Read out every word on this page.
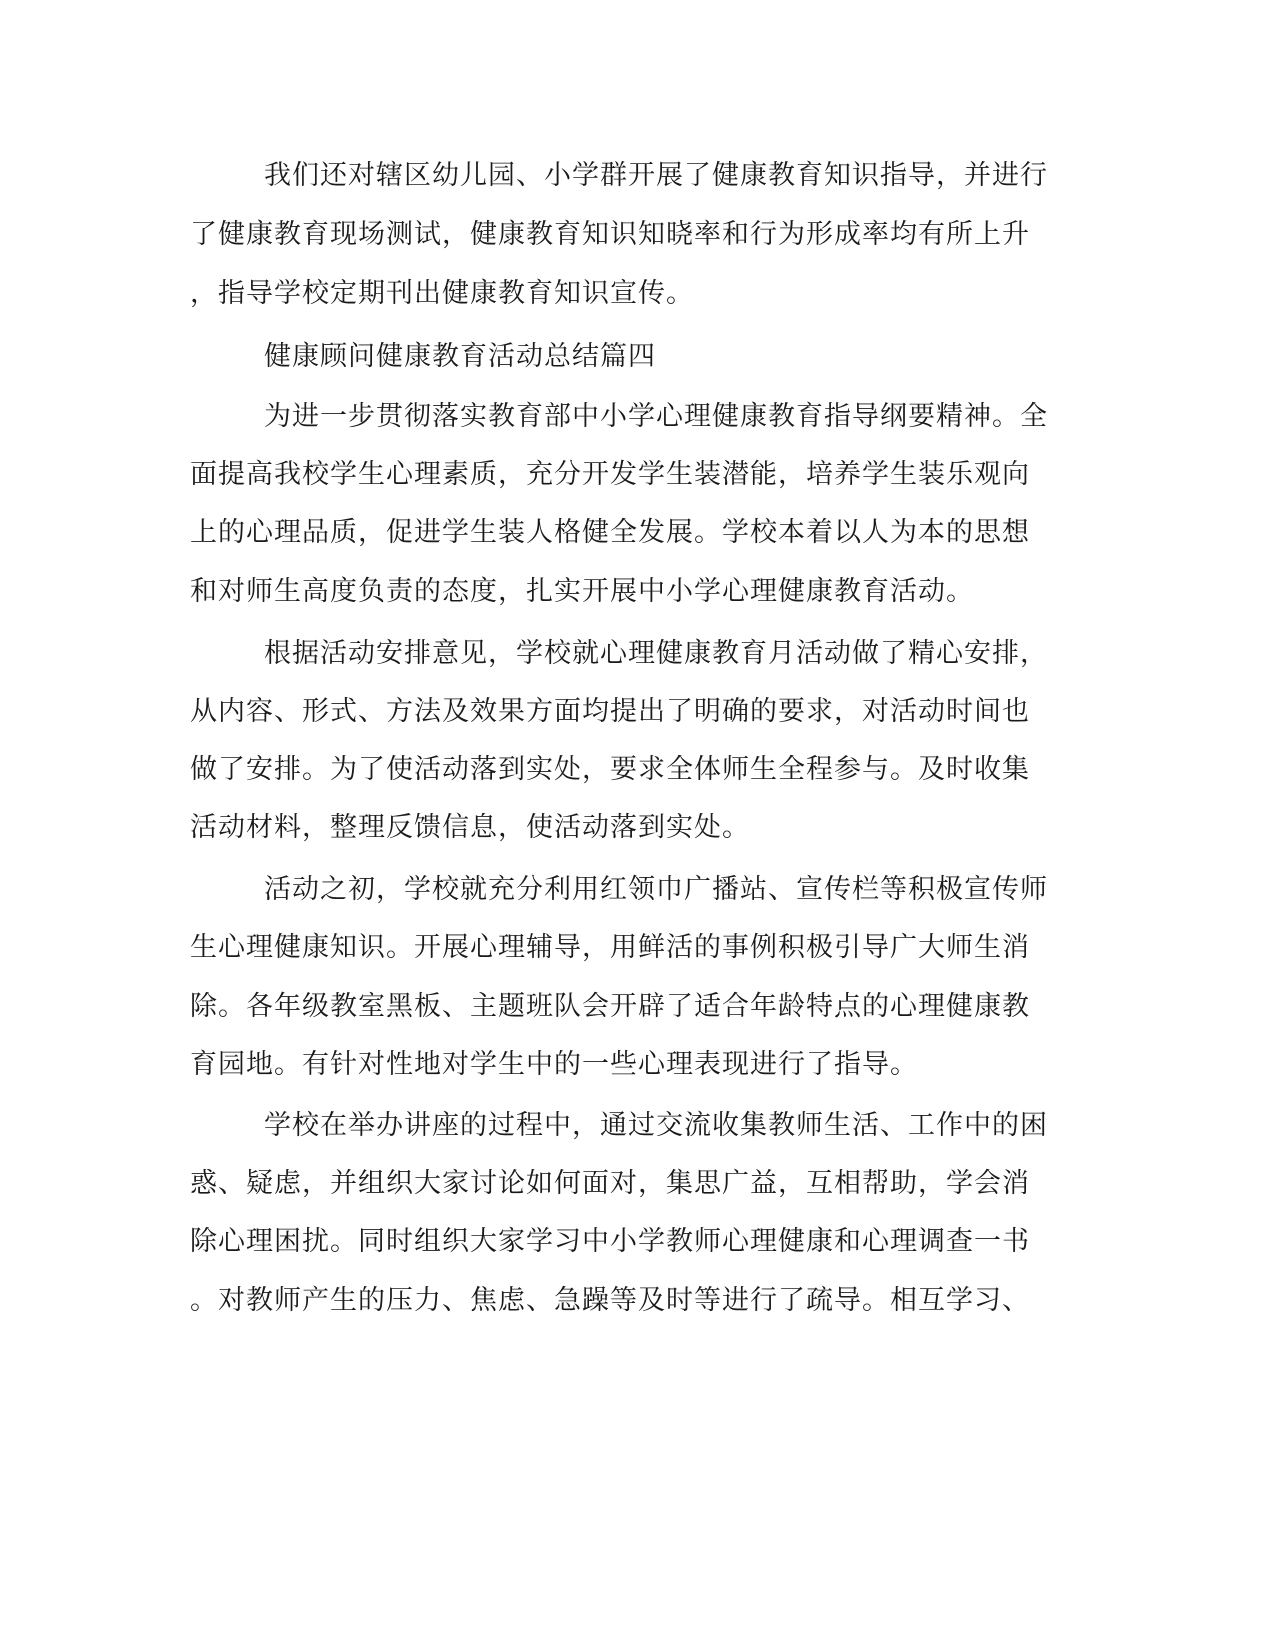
我们还对辖区幼儿园、小学群开展了健康教育知识指导，并进行
了健康教育现场测试，健康教育知识知晓率和行为形成率均有所上升
，指导学校定期刊出健康教育知识宣传。
健康顾问健康教育活动总结篇四
为进一步贯彻落实教育部中小学心理健康教育指导纲要精神。全
面提高我校学生心理素质，充分开发学生装潜能，培养学生装乐观向
上的心理品质，促进学生装人格健全发展。学校本着以人为本的思想
和对师生高度负责的态度，扎实开展中小学心理健康教育活动。
根据活动安排意见，学校就心理健康教育月活动做了精心安排，
从内容、形式、方法及效果方面均提出了明确的要求，对活动时间也
做了安排。为了使活动落到实处，要求全体师生全程参与。及时收集
活动材料，整理反馈信息，使活动落到实处。
活动之初，学校就充分利用红领巾广播站、宣传栏等积极宣传师
生心理健康知识。开展心理辅导，用鲜活的事例积极引导广大师生消
除。各年级教室黑板、主题班队会开辟了适合年龄特点的心理健康教
育园地。有针对性地对学生中的一些心理表现进行了指导。
学校在举办讲座的过程中，通过交流收集教师生活、工作中的困
惑、疑虑，并组织大家讨论如何面对，集思广益，互相帮助，学会消
除心理困扰。同时组织大家学习中小学教师心理健康和心理调查一书
。对教师产生的压力、焦虑、急躁等及时等进行了疏导。相互学习、
